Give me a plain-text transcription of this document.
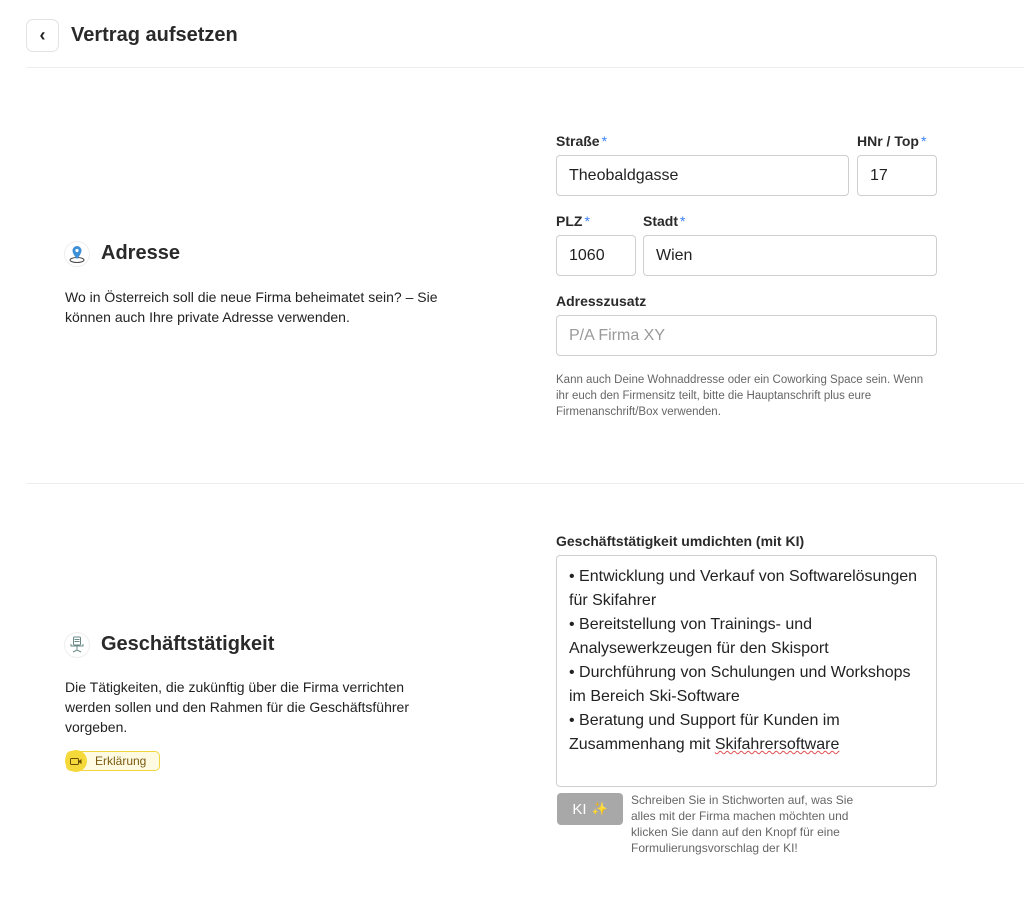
‹ Vertrag aufsetzen
Adresse
Wo in Österreich soll die neue Firma beheimatet sein? – Sie können auch Ihre private Adresse verwenden.
Straße *
Theobaldgasse
HNr / Top *
17
PLZ *
1060
Stadt *
Wien
Adresszusatz
P/A Firma XY
Kann auch Deine Wohnaddresse oder ein Coworking Space sein. Wenn ihr euch den Firmensitz teilt, bitte die Hauptanschrift plus eure Firmenanschrift/Box verwenden.
Geschäftstätigkeit
Die Tätigkeiten, die zukünftig über die Firma verrichten werden sollen und den Rahmen für die Geschäftsführer vorgeben.
Erklärung
Geschäftstätigkeit umdichten (mit KI)
• Entwicklung und Verkauf von Softwarelösungen für Skifahrer
• Bereitstellung von Trainings- und Analysewerkzeugen für den Skisport
• Durchführung von Schulungen und Workshops im Bereich Ski-Software
• Beratung und Support für Kunden im Zusammenhang mit Skifahrersoftware
KI ✨
Schreiben Sie in Stichworten auf, was Sie alles mit der Firma machen möchten und klicken Sie dann auf den Knopf für eine Formulierungsvorschlag der KI!
